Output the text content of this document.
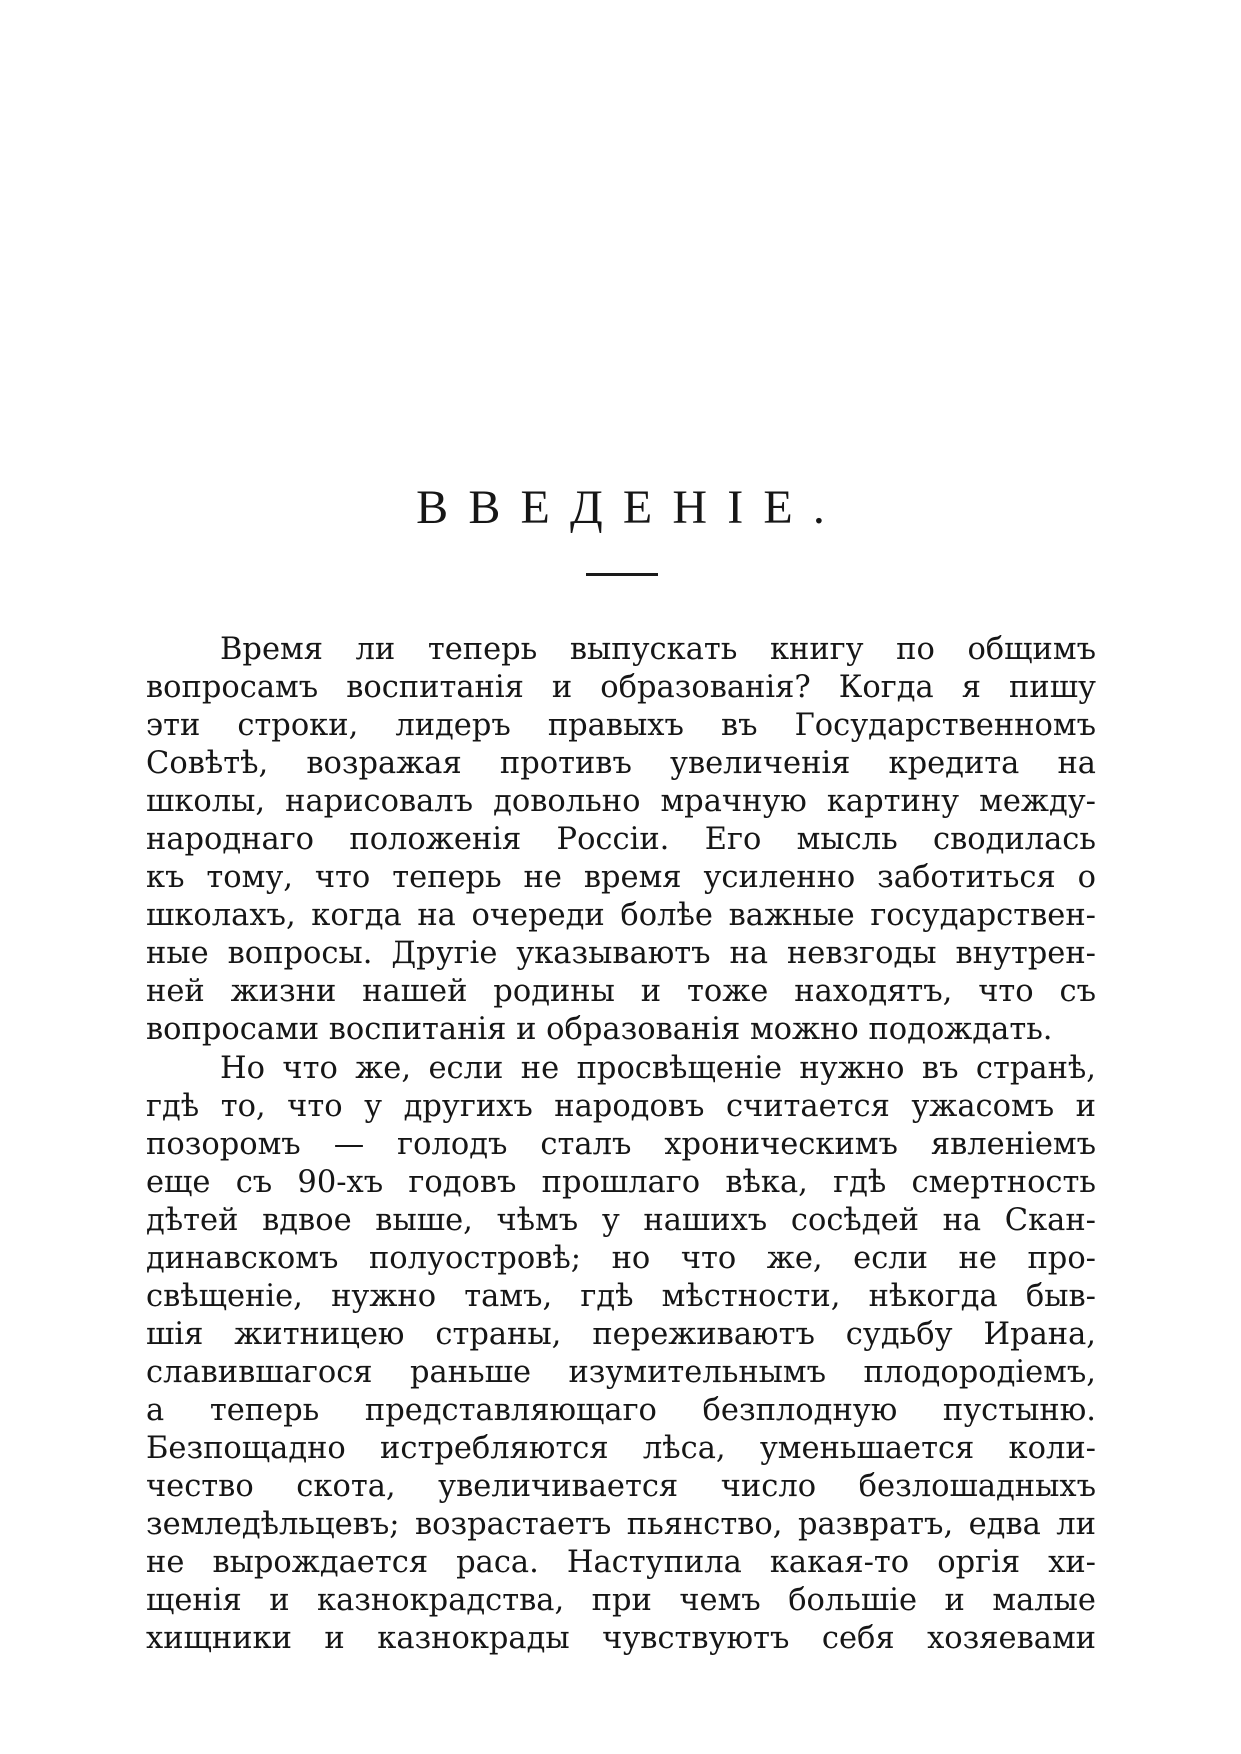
ВВЕДЕНІЕ.
Время ли теперь выпускать книгу по общимъ
вопросамъ воспитанія и образованія? Когда я пишу
эти строки, лидеръ правыхъ въ Государственномъ
Совѣтѣ, возражая противъ увеличенія кредита на
школы, нарисовалъ довольно мрачную картину между-
народнаго положенія Россіи. Его мысль сводилась
къ тому, что теперь не время усиленно заботиться о
школахъ, когда на очереди болѣе важные государствен-
ные вопросы. Другіе указываютъ на невзгоды внутрен-
ней жизни нашей родины и тоже находятъ, что съ
вопросами воспитанія и образованія можно подождать.
Но что же, если не просвѣщеніе нужно въ странѣ,
гдѣ то, что у другихъ народовъ считается ужасомъ и
позоромъ — голодъ сталъ хроническимъ явленіемъ
еще съ 90-хъ годовъ прошлаго вѣка, гдѣ смертность
дѣтей вдвое выше, чѣмъ у нашихъ сосѣдей на Скан-
динавскомъ полуостровѣ; но что же, если не про-
свѣщеніе, нужно тамъ, гдѣ мѣстности, нѣкогда быв-
шія житницею страны, переживаютъ судьбу Ирана,
славившагося раньше изумительнымъ плодородіемъ,
а теперь представляющаго безплодную пустыню.
Безпощадно истребляются лѣса, уменьшается коли-
чество скота, увеличивается число безлошадныхъ
земледѣльцевъ; возрастаетъ пьянство, развратъ, едва ли
не вырождается раса. Наступила какая-то оргія хи-
щенія и казнокрадства, при чемъ большіе и малые
хищники и казнокрады чувствуютъ себя хозяевами
